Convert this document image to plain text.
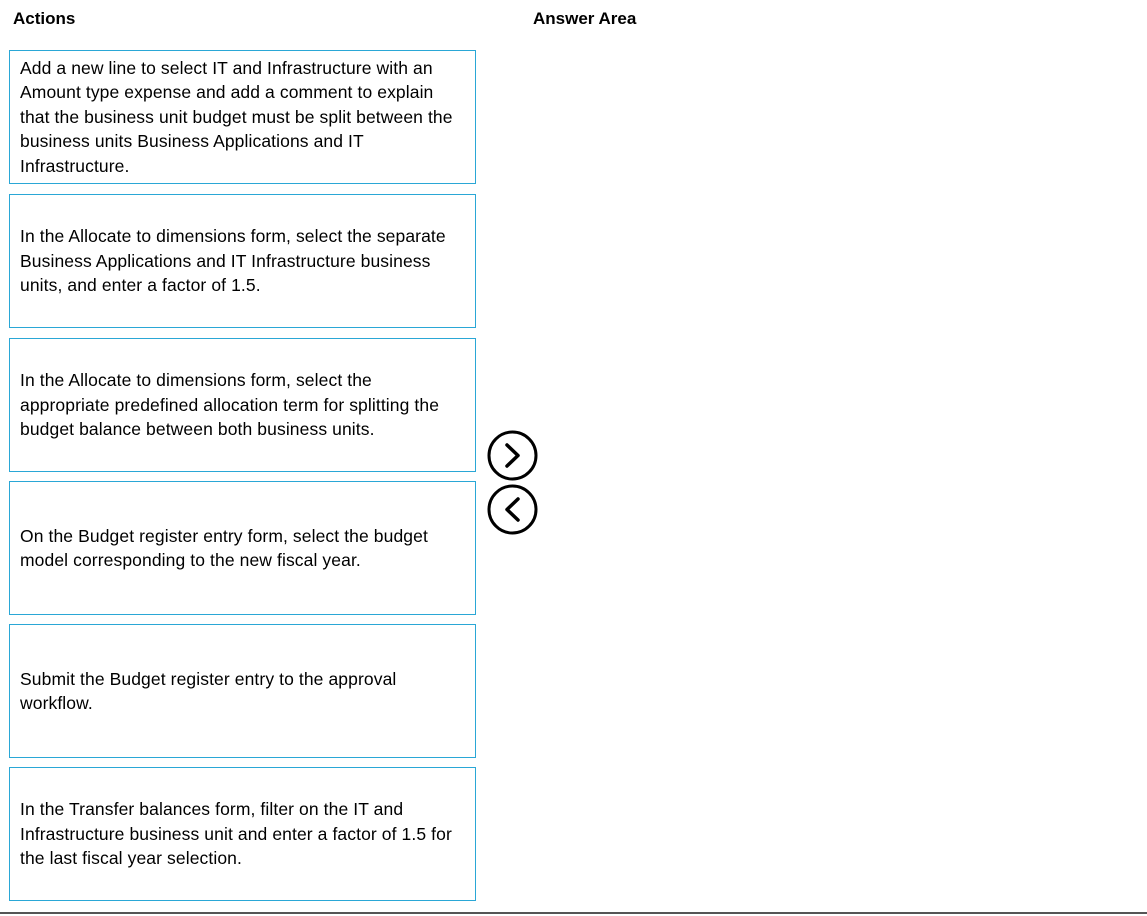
Actions	Answer Area
Add a new line to select IT and Infrastructure with an Amount type expense and add a comment to explain that the business unit budget must be split between the business units Business Applications and IT Infrastructure.
In the Allocate to dimensions form, select the separate Business Applications and IT Infrastructure business units, and enter a factor of 1.5.
In the Allocate to dimensions form, select the appropriate predefined allocation term for splitting the budget balance between both business units.
On the Budget register entry form, select the budget model corresponding to the new fiscal year.
Submit the Budget register entry to the approval workflow.
In the Transfer balances form, filter on the IT and Infrastructure business unit and enter a factor of 1.5 for the last fiscal year selection.
